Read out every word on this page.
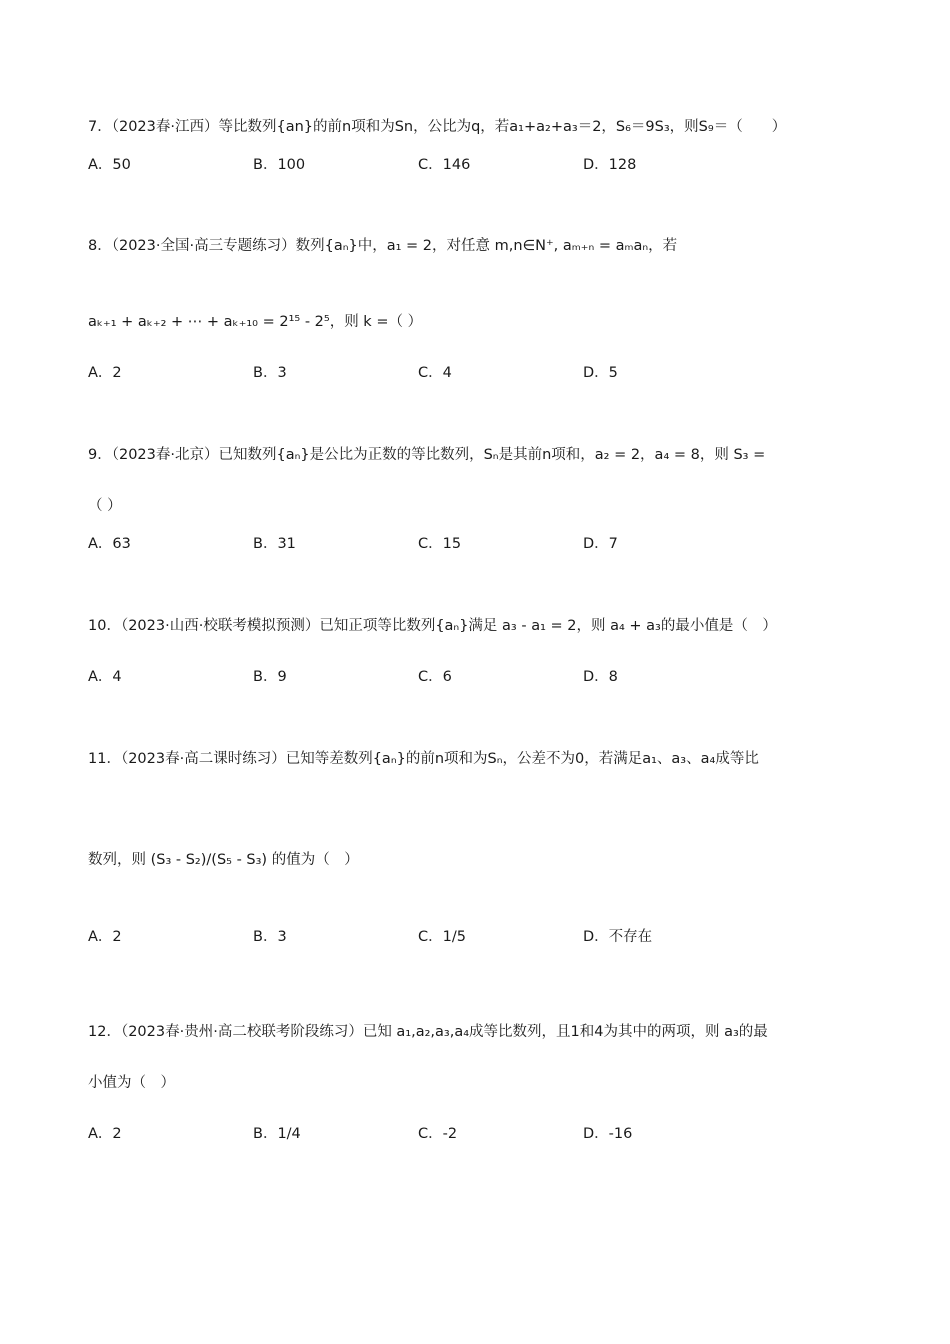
7．（2023春·江西）等比数列{an}的前n项和为Sn，公比为q，若a₁+a₂+a₃＝2，S₆＝9S₃，则S₉＝（　　）
A．50	B．100	C．146	D．128
8．（2023·全国·高三专题练习）数列{aₙ}中，a₁ = 2，对任意 m,n∈N⁺, aₘ₊ₙ = aₘaₙ，若
aₖ₊₁ + aₖ₊₂ + ⋯ + aₖ₊₁₀ = 2¹⁵ - 2⁵，则 k =（ ）
A．2	B．3	C．4	D．5
9．（2023春·北京）已知数列{aₙ}是公比为正数的等比数列，Sₙ是其前n项和，a₂ = 2，a₄ = 8，则 S₃ =
（ ）
A．63	B．31	C．15	D．7
10．（2023·山西·校联考模拟预测）已知正项等比数列{aₙ}满足 a₃ - a₁ = 2，则 a₄ + a₃的最小值是（　）
A．4	B．9	C．6	D．8
11．（2023春·高二课时练习）已知等差数列{aₙ}的前n项和为Sₙ，公差不为0，若满足a₁、a₃、a₄成等比
数列，则 (S₃ - S₂)/(S₅ - S₃) 的值为（　）
A．2	B．3	C．1/5	D．不存在
12．（2023春·贵州·高二校联考阶段练习）已知 a₁,a₂,a₃,a₄成等比数列，且1和4为其中的两项，则 a₃的最
小值为（　）
A．2	B．1/4	C．-2	D．-16
